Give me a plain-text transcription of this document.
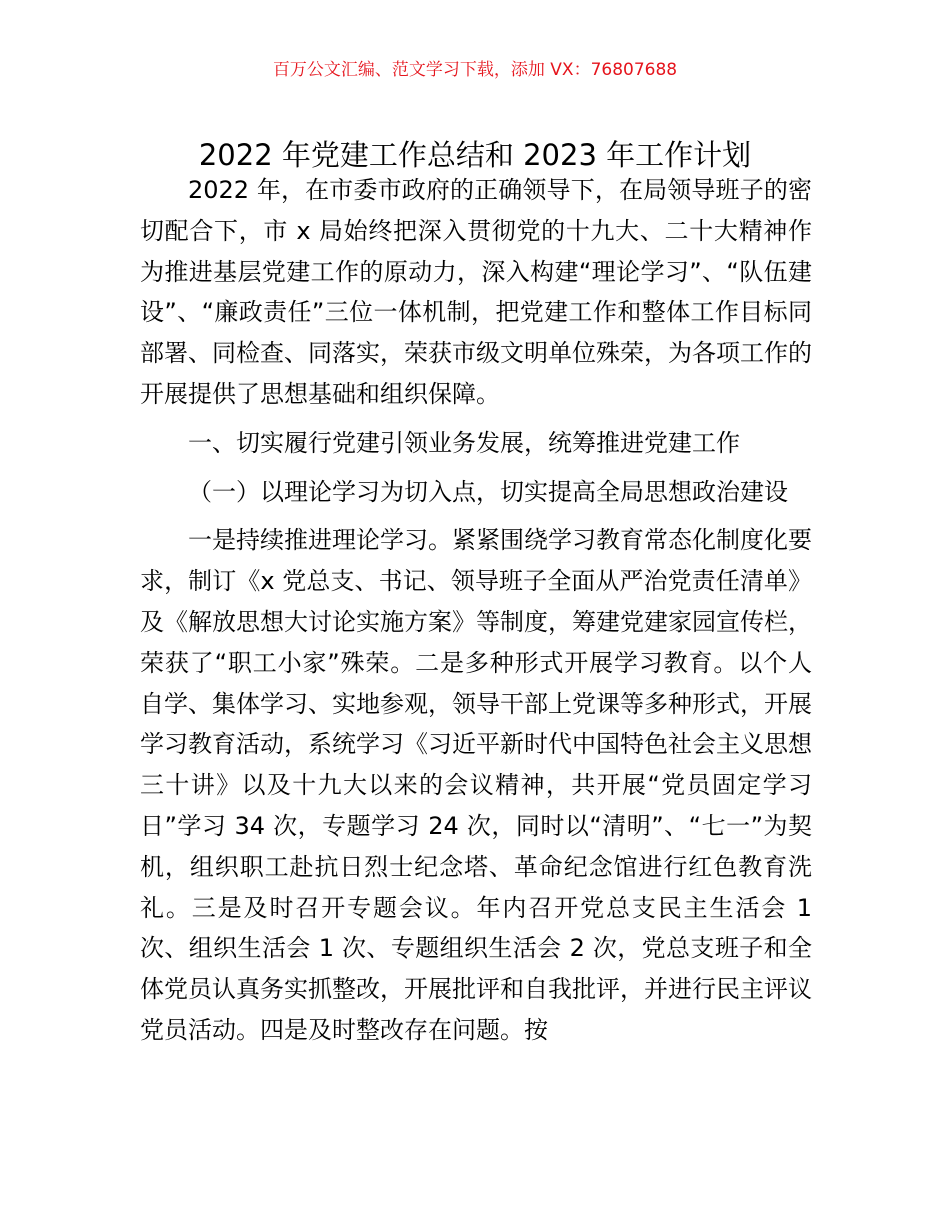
百万公文汇编、范文学习下载，添加 VX：76807688
2022 年党建工作总结和 2023 年工作计划

2022 年，在市委市政府的正确领导下，在局领导班子的密切配合下，市 x 局始终把深入贯彻党的十九大、二十大精神作为推进基层党建工作的原动力，深入构建“理论学习”、“队伍建设”、“廉政责任”三位一体机制，把党建工作和整体工作目标同部署、同检查、同落实，荣获市级文明单位殊荣，为各项工作的开展提供了思想基础和组织保障。

一、切实履行党建引领业务发展，统筹推进党建工作

（一）以理论学习为切入点，切实提高全局思想政治建设

一是持续推进理论学习。紧紧围绕学习教育常态化制度化要求，制订《x 党总支、书记、领导班子全面从严治党责任清单》及《解放思想大讨论实施方案》等制度，筹建党建家园宣传栏，荣获了“职工小家”殊荣。二是多种形式开展学习教育。以个人自学、集体学习、实地参观，领导干部上党课等多种形式，开展学习教育活动，系统学习《习近平新时代中国特色社会主义思想三十讲》以及十九大以来的会议精神，共开展“党员固定学习日”学习 34 次，专题学习 24 次，同时以“清明”、“七一”为契机，组织职工赴抗日烈士纪念塔、革命纪念馆进行红色教育洗礼。三是及时召开专题会议。年内召开党总支民主生活会 1 次、组织生活会 1 次、专题组织生活会 2 次，党总支班子和全体党员认真务实抓整改，开展批评和自我批评，并进行民主评议党员活动。四是及时整改存在问题。按
